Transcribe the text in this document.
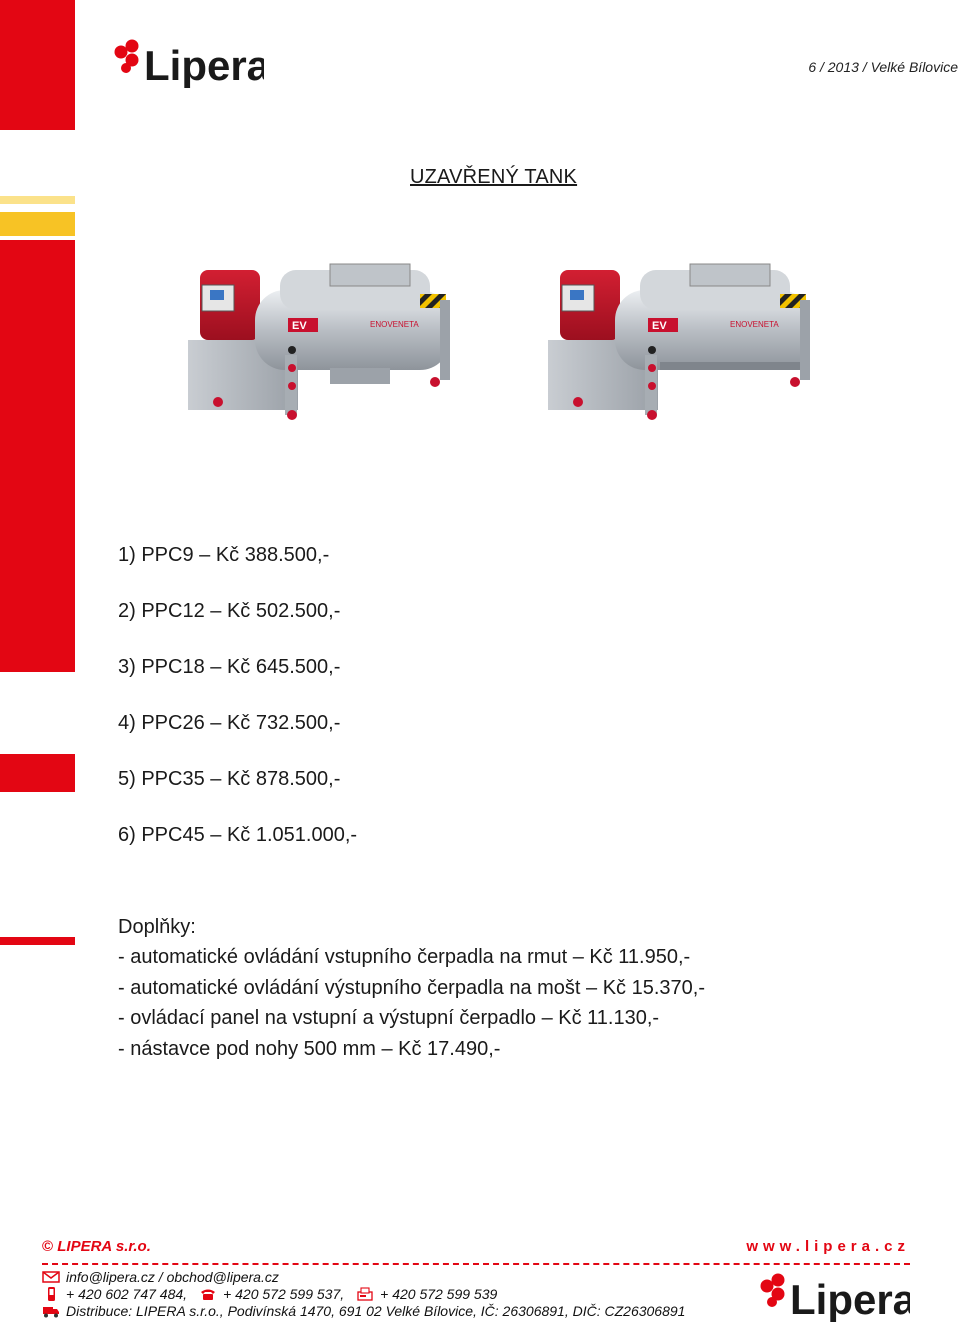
Lipera	6 / 2013 / Velké Bílovice
UZAVŘENÝ TANK
EV	ENOVENETA	EV	ENOVENETA
1) PPC9 – Kč 388.500,-
2) PPC12 – Kč 502.500,-
3) PPC18 – Kč 645.500,-
4) PPC26 – Kč 732.500,-
5) PPC35 – Kč 878.500,-
6) PPC45 – Kč 1.051.000,-
Doplňky:
- automatické ovládání vstupního čerpadla na rmut – Kč 11.950,-
- automatické ovládání výstupního čerpadla na mošt – Kč 15.370,-
- ovládací panel na vstupní a výstupní čerpadlo – Kč 11.130,-
- nástavce pod nohy 500 mm – Kč 17.490,-
© LIPERA s.r.o.	www.lipera.cz
info@lipera.cz / obchod@lipera.cz
+ 420 602 747 484,	+ 420 572 599 537,	+ 420 572 599 539
Distribuce: LIPERA s.r.o., Podivínská 1470, 691 02 Velké Bílovice, IČ: 26306891, DIČ: CZ26306891 Lipera
